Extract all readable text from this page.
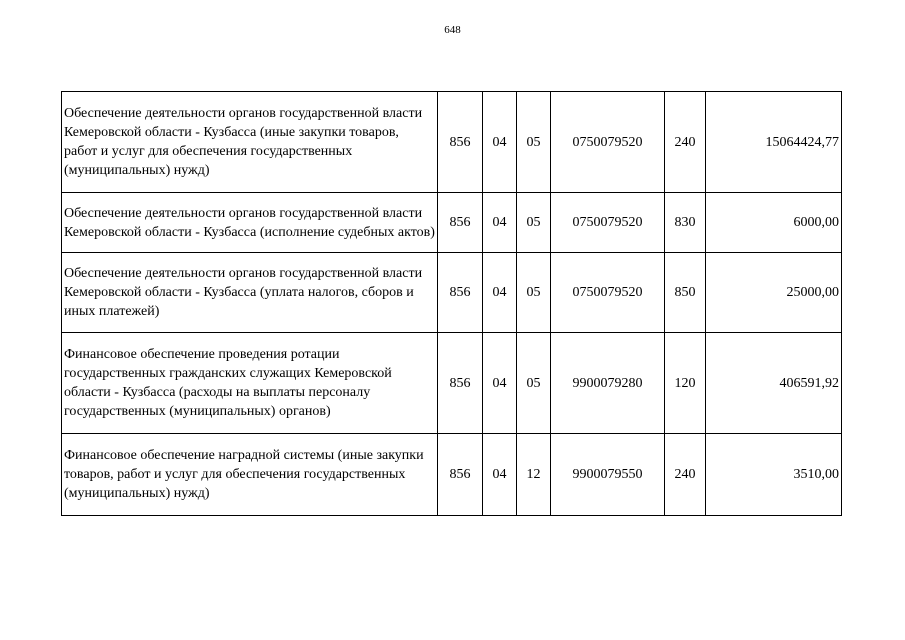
648
Обеспечение деятельности органов государственной власти Кемеровской области - Кузбасса (иные закупки товаров, работ и услуг для обеспечения государственных (муниципальных) нужд)	856	04	05	0750079520	240	15064424,77
Обеспечение деятельности органов государственной власти Кемеровской области - Кузбасса (исполнение судебных актов)	856	04	05	0750079520	830	6000,00
Обеспечение деятельности органов государственной власти Кемеровской области - Кузбасса (уплата налогов, сборов и иных платежей)	856	04	05	0750079520	850	25000,00
Финансовое обеспечение проведения ротации государственных гражданских служащих Кемеровской области - Кузбасса (расходы на выплаты персоналу государственных (муниципальных) органов)	856	04	05	9900079280	120	406591,92
Финансовое обеспечение наградной системы (иные закупки товаров, работ и услуг для обеспечения государственных (муниципальных) нужд)	856	04	12	9900079550	240	3510,00
